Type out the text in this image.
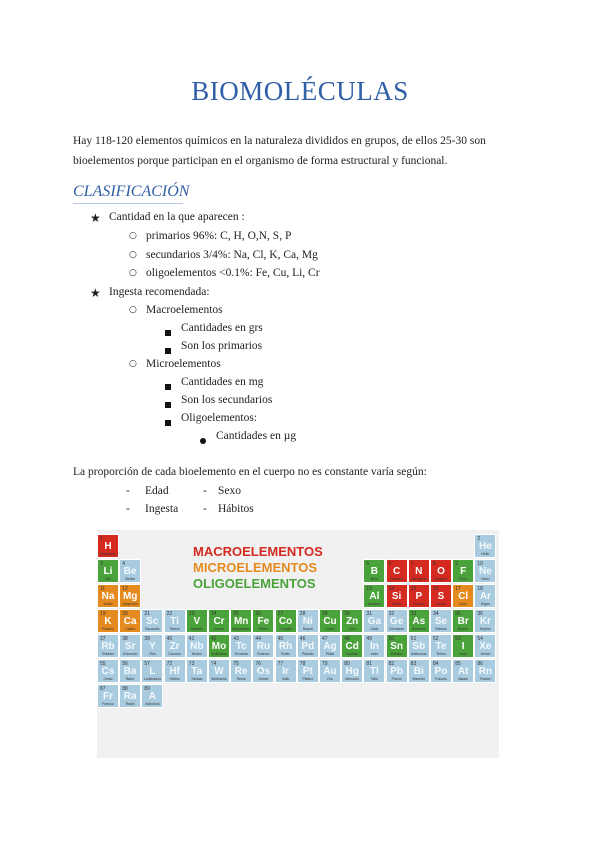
BIOMOLÉCULAS
Hay 118-120 elementos químicos en la naturaleza divididos en grupos, de ellos 25-30 son
bioelementos porque participan en el organismo de forma estructural y funcional.
CLASIFICACIÓN
★ Cantidad en la que aparecen :
○ primarios 96%: C, H, O,N, S, P
○ secundarios 3/4%: Na, Cl, K, Ca, Mg
○ oligoelementos <0.1%: Fe, Cu, Li, Cr
★ Ingesta recomendada:
○ Macroelementos
Cantidades en grs
Son los primarios
○ Microelementos
Cantidades en mg
Son los secundarios
Oligoelementos:
Cantidades en µg
La proporción de cada bioelemento en el cuerpo no es constante varía según:
- Edad	- Sexo
- Ingesta - Hábitos
MACROELEMENTOS
MICROELEMENTOS
OLIGOELEMENTOS
1
H
Hidrógeno
2
He
Helio
3
Li
Litio
4
Be
Berilio
5
B
Boro
6
C
Carbono
7
N
Nitrógeno
8
O
Oxígeno
9
F
Flúor
10
Ne
Neón
11
Na
Sodio
12
Mg
Magnesio
13
Al
Aluminio
14
Si
Silicio
15
P
Fósforo
16
S
Azufre
17
Cl
Cloro
18
Ar
Argón
19
K
Potasio
20
Ca
Calcio
21
Sc
Escandio
22
Ti
Titanio
23
V
Vanadio
24
Cr
Cromo
25
Mn
Manganeso
26
Fe
Hierro
27
Co
Cobalto
28
Ni
Níquel
29
Cu
Cobre
30
Zn
Cinc
31
Ga
Galio
32
Ge
Germanio
33
As
Arsénico
34
Se
Selenio
35
Br
Bromo
36
Kr
Kriptón
37
Rb
Rubidio
38
Sr
Estroncio
39
Y
Ytrio
40
Zr
Circonio
41
Nb
Niobio
42
Mo
Molibdeno
43
Tc
Tecnecio
44
Ru
Rutenio
45
Rh
Rodio
46
Pd
Paladio
47
Ag
Plata
48
Cd
Cadmio
49
In
Indio
50
Sn
Estaño
51
Sb
Antimonio
52
Te
Teluro
53
I
Yodo
54
Xe
Xenón
55
Cs
Cesio
56
Ba
Bario
57
L
Lantánidos
72
Hf
Hafnio
73
Ta
Tántalo
74
W
Wolframio
75
Re
Renio
76
Os
Osmio
77
Ir
Iridio
78
Pt
Platino
79
Au
Oro
80
Hg
Mercurio
81
Tl
Talio
82
Pb
Plomo
83
Bi
Bismuto
84
Po
Polonio
85
At
Astato
86
Rn
Radón
87
Fr
Francio
88
Ra
Radio
89
A
Actínidos
